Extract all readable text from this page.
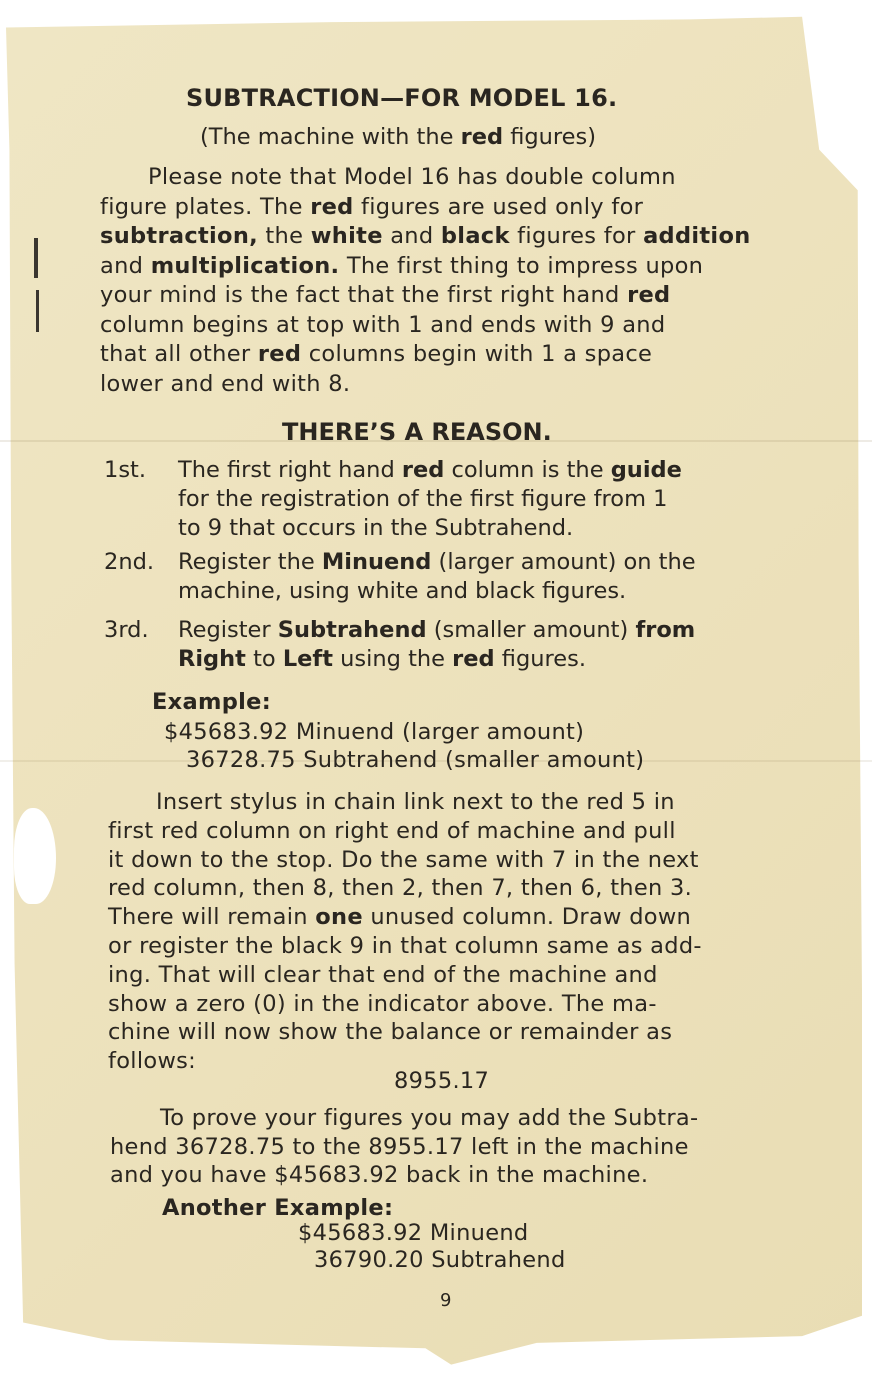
SUBTRACTION—FOR MODEL 16.
(The machine with the red figures)
Please note that Model 16 has double column
figure plates. The red figures are used only for
subtraction, the white and black figures for addition
and multiplication. The first thing to impress upon
your mind is the fact that the first right hand red
column begins at top with 1 and ends with 9 and
that all other red columns begin with 1 a space
lower and end with 8.
THERE’S A REASON.
1st. The first right hand red column is the guide
for the registration of the first figure from 1
to 9 that occurs in the Subtrahend.
2nd. Register the Minuend (larger amount) on the
machine, using white and black figures.
3rd. Register Subtrahend (smaller amount) from
Right to Left using the red figures.
Example:
$45683.92 Minuend (larger amount)
36728.75 Subtrahend (smaller amount)
Insert stylus in chain link next to the red 5 in
first red column on right end of machine and pull
it down to the stop. Do the same with 7 in the next
red column, then 8, then 2, then 7, then 6, then 3.
There will remain one unused column. Draw down
or register the black 9 in that column same as add-
ing. That will clear that end of the machine and
show a zero (0) in the indicator above. The ma-
chine will now show the balance or remainder as
follows:
8955.17
To prove your figures you may add the Subtra-
hend 36728.75 to the 8955.17 left in the machine
and you have $45683.92 back in the machine.
Another Example:
$45683.92 Minuend
36790.20 Subtrahend
9
